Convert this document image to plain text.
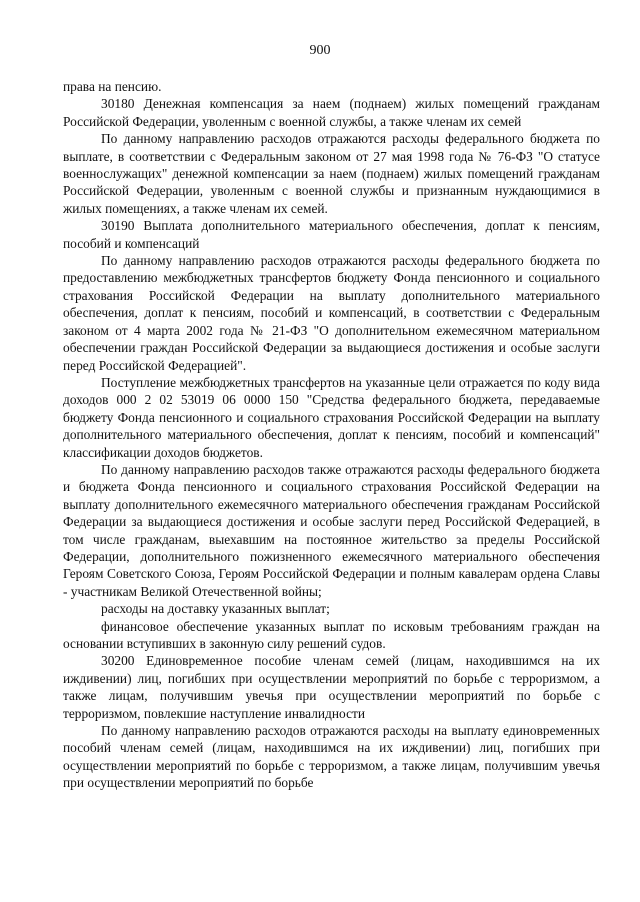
900

права на пенсию.

30180 Денежная компенсация за наем (поднаем) жилых помещений гражданам Российской Федерации, уволенным с военной службы, а также членам их семей

По данному направлению расходов отражаются расходы федерального бюджета по выплате, в соответствии с Федеральным законом от 27 мая 1998 года № 76-ФЗ "О статусе военнослужащих" денежной компенсации за наем (поднаем) жилых помещений гражданам Российской Федерации, уволенным с военной службы и признанным нуждающимися в жилых помещениях, а также членам их семей.

30190 Выплата дополнительного материального обеспечения, доплат к пенсиям, пособий и компенсаций

По данному направлению расходов отражаются расходы федерального бюджета по предоставлению межбюджетных трансфертов бюджету Фонда пенсионного и социального страхования Российской Федерации на выплату дополнительного материального обеспечения, доплат к пенсиям, пособий и компенсаций, в соответствии с Федеральным законом от 4 марта 2002 года № 21-ФЗ "О дополнительном ежемесячном материальном обеспечении граждан Российской Федерации за выдающиеся достижения и особые заслуги перед Российской Федерацией".

Поступление межбюджетных трансфертов на указанные цели отражается по коду вида доходов 000 2 02 53019 06 0000 150 "Средства федерального бюджета, передаваемые бюджету Фонда пенсионного и социального страхования Российской Федерации на выплату дополнительного материального обеспечения, доплат к пенсиям, пособий и компенсаций" классификации доходов бюджетов.

По данному направлению расходов также отражаются расходы федерального бюджета и бюджета Фонда пенсионного и социального страхования Российской Федерации на выплату дополнительного ежемесячного материального обеспечения гражданам Российской Федерации за выдающиеся достижения и особые заслуги перед Российской Федерацией, в том числе гражданам, выехавшим на постоянное жительство за пределы Российской Федерации, дополнительного пожизненного ежемесячного материального обеспечения Героям Советского Союза, Героям Российской Федерации и полным кавалерам ордена Славы - участникам Великой Отечественной войны;

расходы на доставку указанных выплат;

финансовое обеспечение указанных выплат по исковым требованиям граждан на основании вступивших в законную силу решений судов.

30200 Единовременное пособие членам семей (лицам, находившимся на их иждивении) лиц, погибших при осуществлении мероприятий по борьбе с терроризмом, а также лицам, получившим увечья при осуществлении мероприятий по борьбе с терроризмом, повлекшие наступление инвалидности

По данному направлению расходов отражаются расходы на выплату единовременных пособий членам семей (лицам, находившимся на их иждивении) лиц, погибших при осуществлении мероприятий по борьбе с терроризмом, а также лицам, получившим увечья при осуществлении мероприятий по борьбе
